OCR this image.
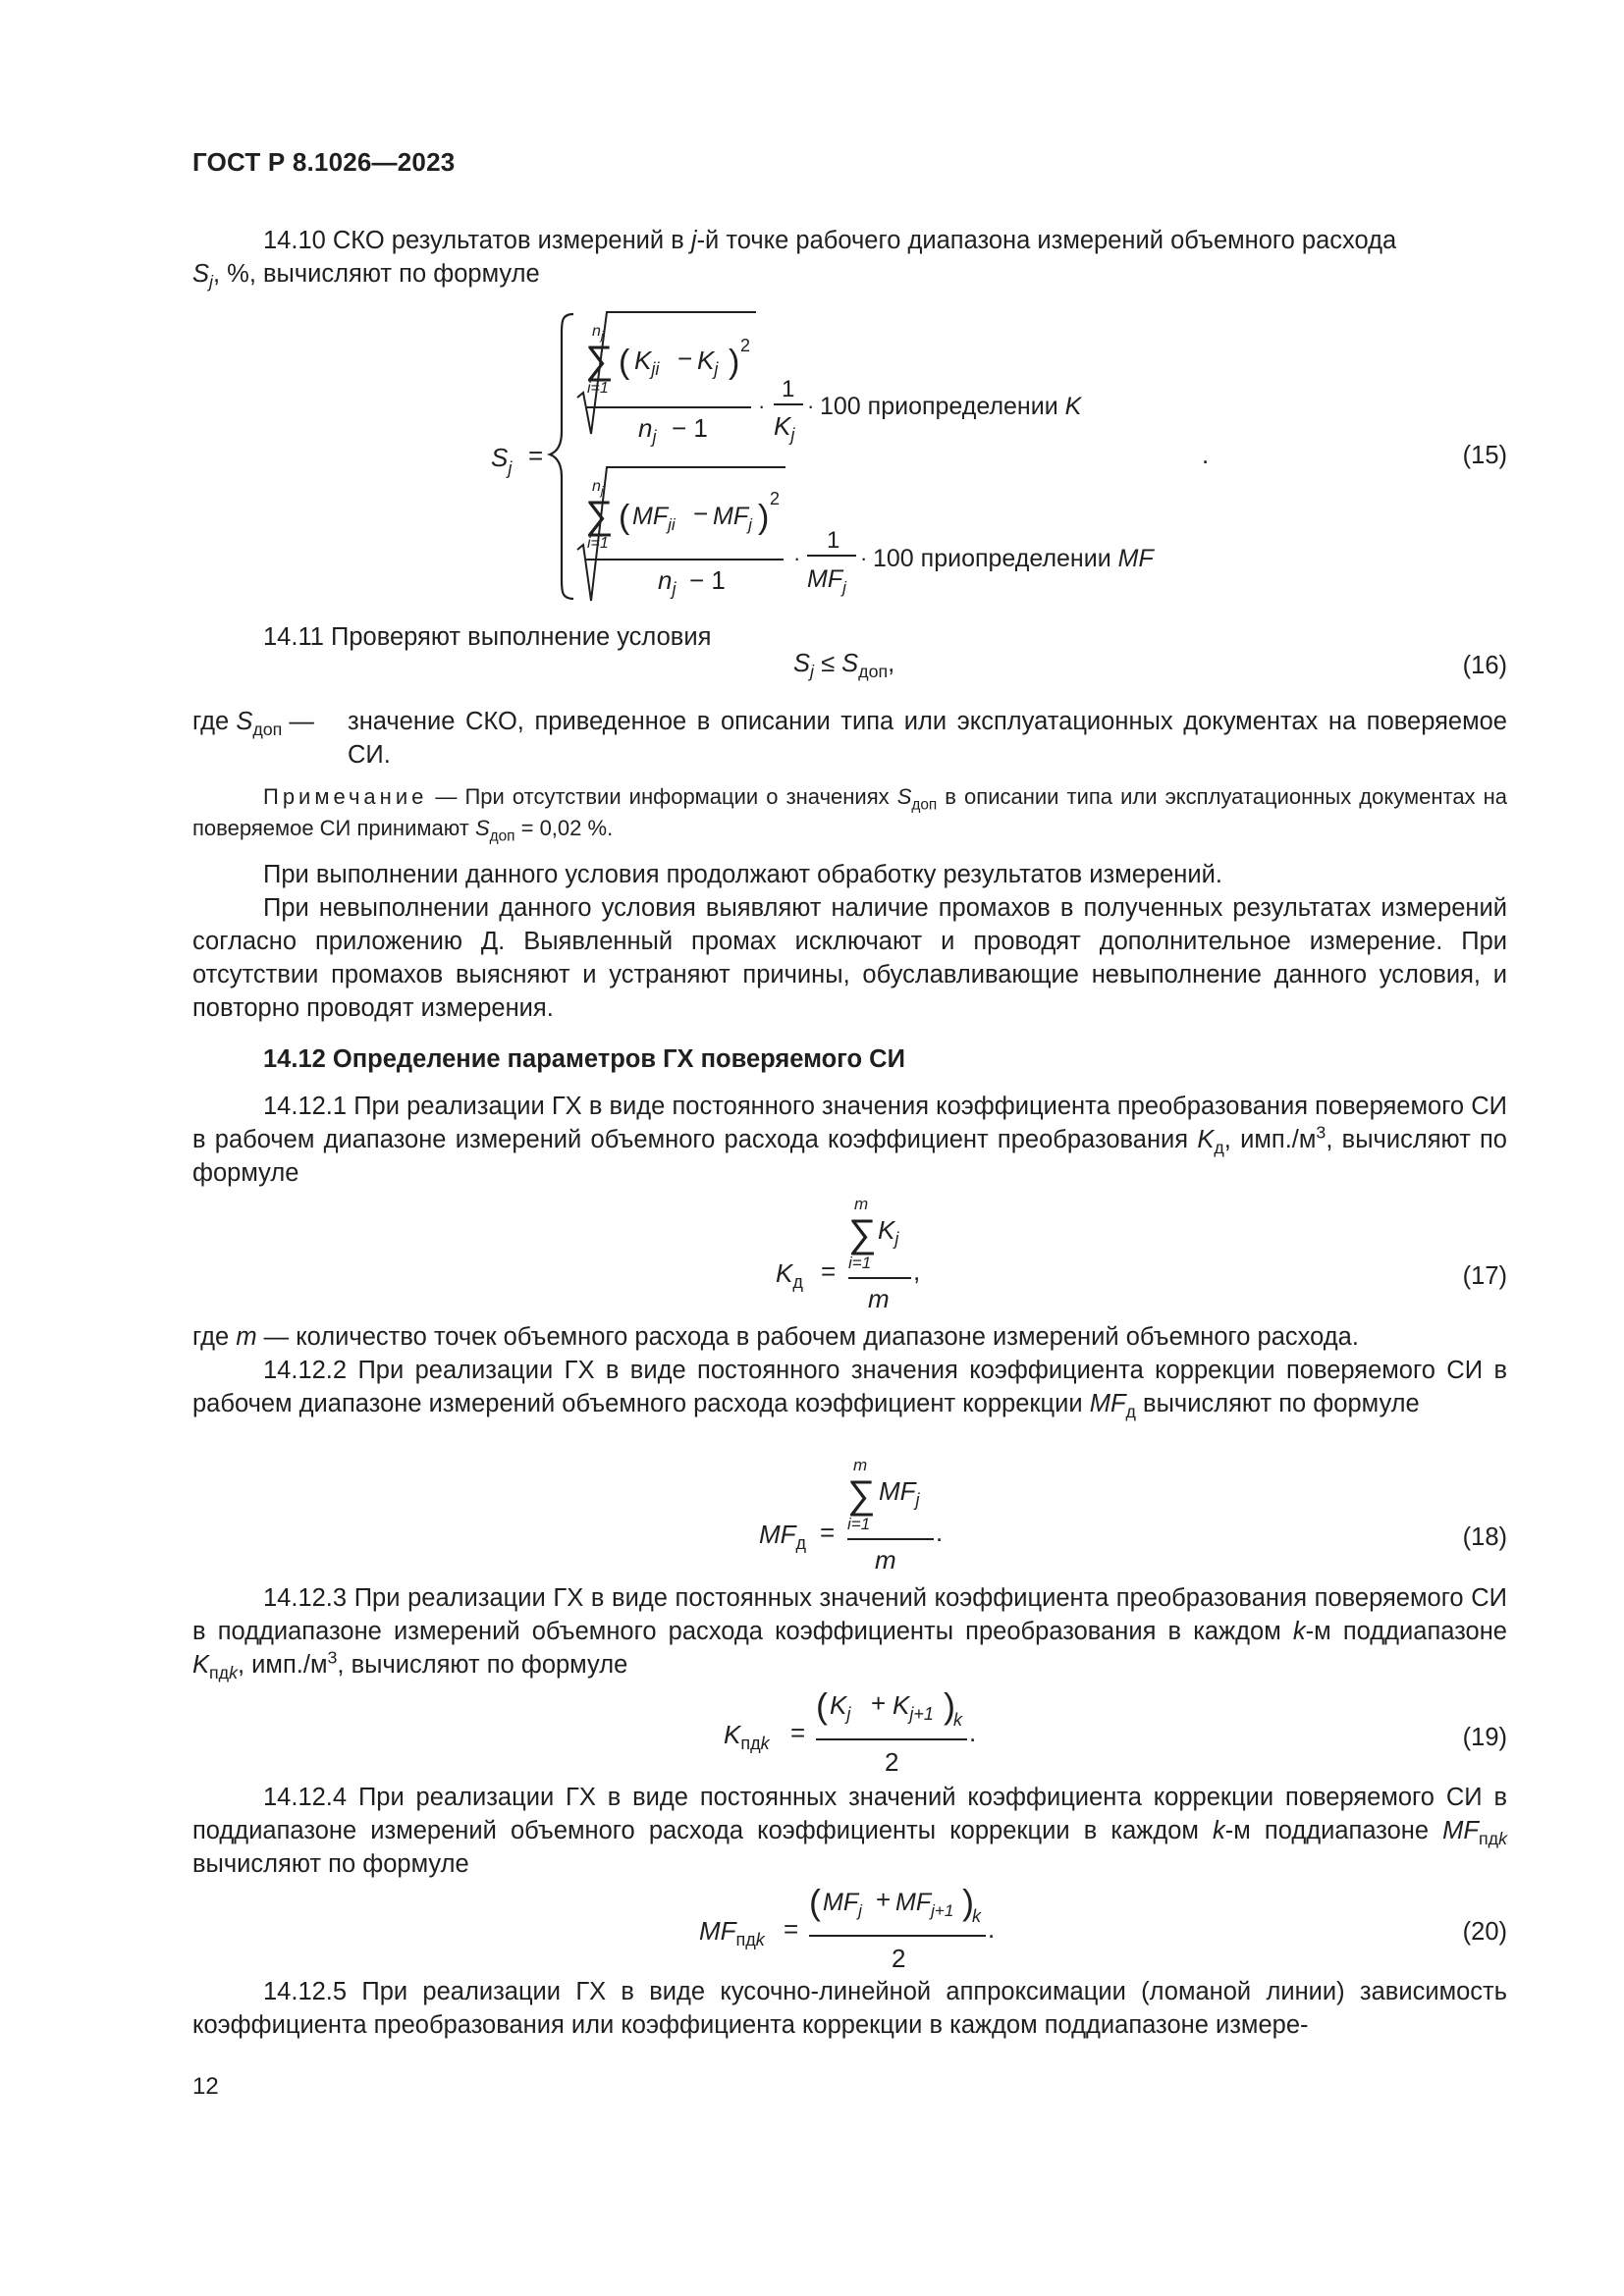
ГОСТ Р 8.1026—2023

14.10 СКО результатов измерений в j-й точке рабочего диапазона измерений объемного расхода
$S_j$, %, вычисляют по формуле

$S_j$ =
$n_j$
∑
i=1
( $K_{ji} - K_j$ ) 2
$n_j - 1$
·
1
$K_j$
· 100 приопределении K
.
$n_j$
∑
i=1
( $MF_{ji} - MF_j$ ) 2
$n_j - 1$
·
1
$MF_j$
· 100 приопределении MF
(15)

14.11 Проверяют выполнение условия

$S_j \le S_{доп}$,	(16)
где $S_{доп}$ — значение СКО, приведенное в описании типа или эксплуатационных документах на поверяемое СИ.

Примечание — При отсутствии информации о значениях $S_{доп}$ в описании типа или эксплуатационных документах на поверяемое СИ принимают $S_{доп} = 0,02$ %.

При выполнении данного условия продолжают обработку результатов измерений.

При невыполнении данного условия выявляют наличие промахов в полученных результатах измерений согласно приложению Д. Выявленный промах исключают и проводят дополнительное измерение. При отсутствии промахов выясняют и устраняют причины, обуславливающие невыполнение данного условия, и повторно проводят измерения.

14.12 Определение параметров ГХ поверяемого СИ

14.12.1 При реализации ГХ в виде постоянного значения коэффициента преобразования поверяемого СИ в рабочем диапазоне измерений объемного расхода коэффициент преобразования $K_д$, $имп./м^3$, вычисляют по формуле

$K_д$ =
m
∑
i=1
$K_j$
m
,	(17)

где m — количество точек объемного расхода в рабочем диапазоне измерений объемного расхода.

14.12.2 При реализации ГХ в виде постоянного значения коэффициента коррекции поверяемого СИ в рабочем диапазоне измерений объемного расхода коэффициент коррекции $MF_д$ вычисляют по формуле

$MF_д$ =
m
∑
i=1
$MF_j$
m
.	(18)

14.12.3 При реализации ГХ в виде постоянных значений коэффициента преобразования поверяемого СИ в поддиапазоне измерений объемного расхода коэффициенты преобразования в каждом k-м поддиапазоне $K_{пдk}$, $имп./м^3$, вычисляют по формуле

$K_{пд}k$ =
( $K_j + K_{j+1}$ )
k
2
.	(19)

14.12.4 При реализации ГХ в виде постоянных значений коэффициента коррекции поверяемого СИ в поддиапазоне измерений объемного расхода коэффициенты коррекции в каждом k-м поддиапазоне $MF_{пдk}$ вычисляют по формуле

$MF_{пд}k$ =
( $MF_j + MF_{j+1}$ )
k
2
.	(20)

14.12.5 При реализации ГХ в виде кусочно-линейной аппроксимации (ломаной линии) зависимость коэффициента преобразования или коэффициента коррекции в каждом поддиапазоне измере-

12
